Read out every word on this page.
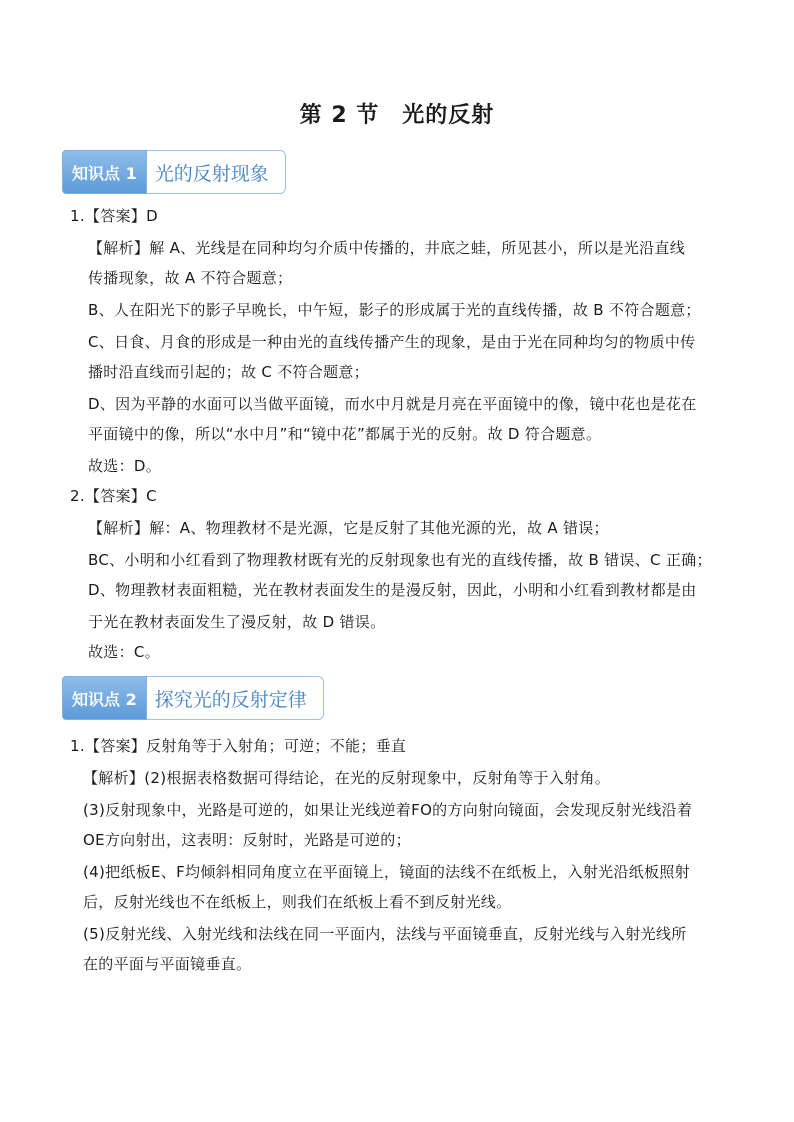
第 2 节　光的反射
知识点 1 光的反射现象
1.【答案】D
【解析】解 A、光线是在同种均匀介质中传播的，井底之蛙，所见甚小，所以是光沿直线
传播现象，故 A 不符合题意；
B、人在阳光下的影子早晚长，中午短，影子的形成属于光的直线传播，故 B 不符合题意；
C、日食、月食的形成是一种由光的直线传播产生的现象，是由于光在同种均匀的物质中传
播时沿直线而引起的；故 C 不符合题意；
D、因为平静的水面可以当做平面镜，而水中月就是月亮在平面镜中的像，镜中花也是花在
平面镜中的像，所以“水中月”和“镜中花”都属于光的反射。故 D 符合题意。
故选：D。
2.【答案】C
【解析】解：A、物理教材不是光源，它是反射了其他光源的光，故 A 错误；
BC、小明和小红看到了物理教材既有光的反射现象也有光的直线传播，故 B 错误、C 正确；
D、物理教材表面粗糙，光在教材表面发生的是漫反射，因此，小明和小红看到教材都是由
于光在教材表面发生了漫反射，故 D 错误。
故选：C。
知识点 2 探究光的反射定律
1.【答案】反射角等于入射角；可逆；不能；垂直
【解析】(2)根据表格数据可得结论，在光的反射现象中，反射角等于入射角。
(3)反射现象中，光路是可逆的，如果让光线逆着FO的方向射向镜面，会发现反射光线沿着
OE方向射出，这表明：反射时，光路是可逆的；
(4)把纸板E、F均倾斜相同角度立在平面镜上，镜面的法线不在纸板上，入射光沿纸板照射
后，反射光线也不在纸板上，则我们在纸板上看不到反射光线。
(5)反射光线、入射光线和法线在同一平面内，法线与平面镜垂直，反射光线与入射光线所
在的平面与平面镜垂直。
